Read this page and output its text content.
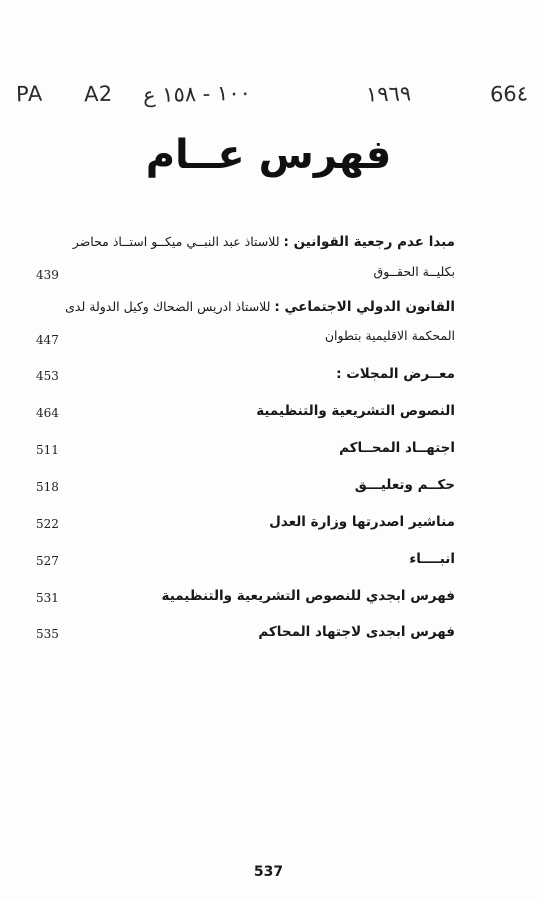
PA A2 ١٠٠ - ١٥٨ ع	١٩٦٩	66٤
فهرس عــام
مبدا عدم رجعية القوانين : للاستاذ عبد النبــي ميكــو استــاذ محاضر
بكليــة الحقــوق
439
القانون الدولي الاجتماعي : للاستاذ ادريس الضحاك وكيل الدولة لدى
المحكمة الاقليمية بتطوان
447
معــرض المجلات :
453
النصوص التشريعية والتنظيمية
464
اجتهــاد المحــاكم
511
حكــم وتعليـــق
518
مناشير اصدرتها وزارة العدل
522
انبــــاء
527
فهرس ابجدي للنصوص التشريعية والتنظيمية
531
فهرس ابجدى لاجتهاد المحاكم
535
537
